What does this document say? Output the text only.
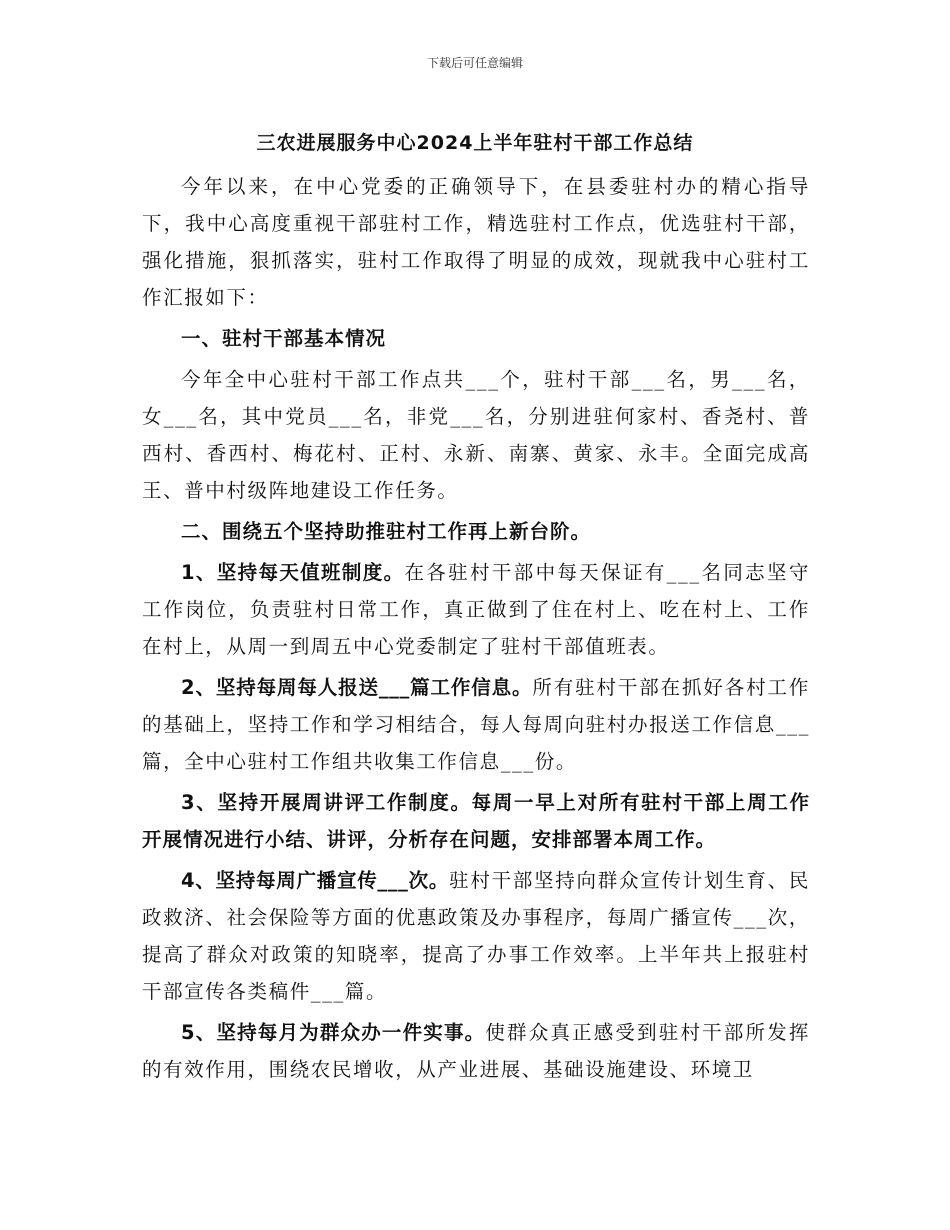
下载后可任意编辑
三农进展服务中心2024上半年驻村干部工作总结

今年以来，在中心党委的正确领导下，在县委驻村办的精心指导下，我中心高度重视干部驻村工作，精选驻村工作点，优选驻村干部，强化措施，狠抓落实，驻村工作取得了明显的成效，现就我中心驻村工作汇报如下：

一、驻村干部基本情况

今年全中心驻村干部工作点共___个，驻村干部___名，男___名，女___名，其中党员___名，非党___名，分别进驻何家村、香尧村、普西村、香西村、梅花村、正村、永新、南寨、黄家、永丰。全面完成高王、普中村级阵地建设工作任务。

二、围绕五个坚持助推驻村工作再上新台阶。

1、坚持每天值班制度。在各驻村干部中每天保证有___名同志坚守工作岗位，负责驻村日常工作，真正做到了住在村上、吃在村上、工作在村上，从周一到周五中心党委制定了驻村干部值班表。

2、坚持每周每人报送___篇工作信息。所有驻村干部在抓好各村工作的基础上，坚持工作和学习相结合，每人每周向驻村办报送工作信息___篇，全中心驻村工作组共收集工作信息___份。

3、坚持开展周讲评工作制度。每周一早上对所有驻村干部上周工作开展情况进行小结、讲评，分析存在问题，安排部署本周工作。

4、坚持每周广播宣传___次。驻村干部坚持向群众宣传计划生育、民政救济、社会保险等方面的优惠政策及办事程序，每周广播宣传___次，提高了群众对政策的知晓率，提高了办事工作效率。上半年共上报驻村干部宣传各类稿件___篇。

5、坚持每月为群众办一件实事。使群众真正感受到驻村干部所发挥的有效作用，围绕农民增收，从产业进展、基础设施建设、环境卫
